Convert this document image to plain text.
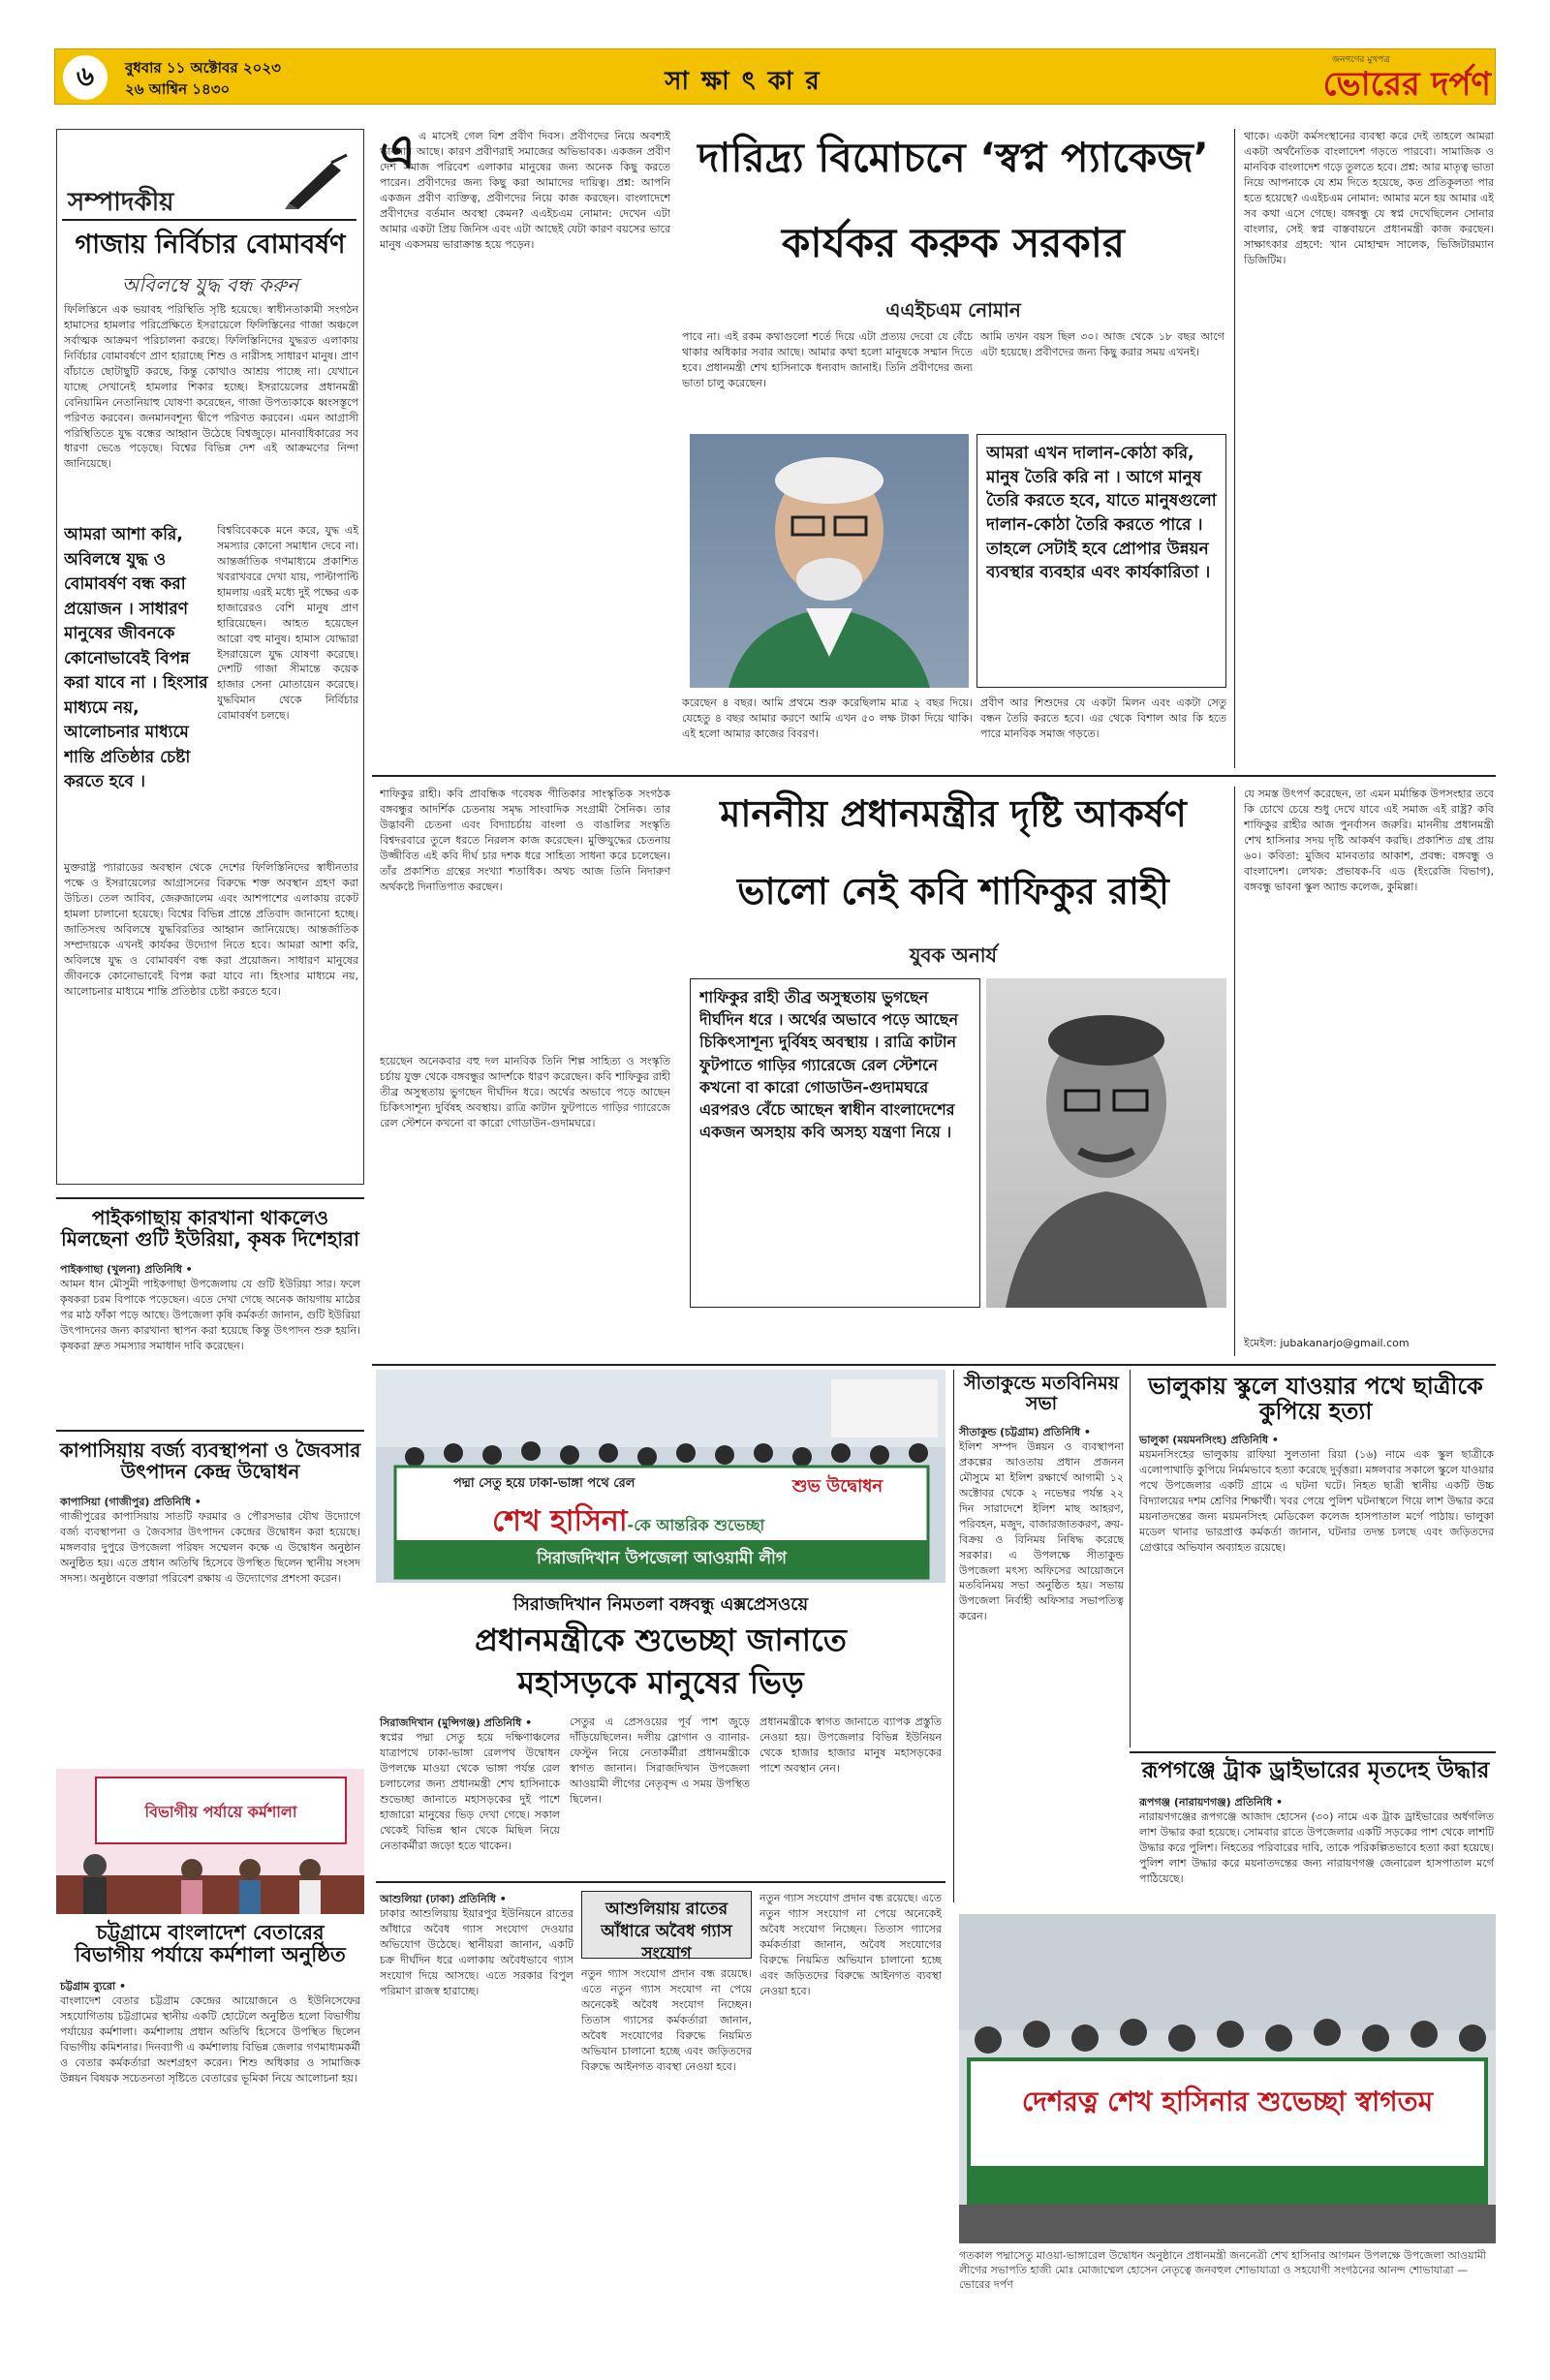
৬	বুধবার ১১ অক্টোবর ২০২৩
২৬ আশ্বিন ১৪৩০	সা ক্ষা ৎ কা র
জনগণের মুখপত্র
ভোরের দর্পণ
সম্পাদকীয়
গাজায় নির্বিচার বোমাবর্ষণ
অবিলম্বে যুদ্ধ বন্ধ করুন
ফিলিস্তিনে এক ভয়াবহ পরিস্থিতি সৃষ্টি হয়েছে। স্বাধীনতাকামী সংগঠন হামাসের হামলার পরিপ্রেক্ষিতে ইসরায়েলে ফিলিস্তিনের গাজা অঞ্চলে সর্বাত্মক আক্রমণ পরিচালনা করছে। ফিলিস্তিনিদের যুদ্ধরত এলাকায় নির্বিচার বোমাবর্ষণে প্রাণ হারাচ্ছে শিশু ও নারীসহ সাধারণ মানুষ। প্রাণ বাঁচাতে ছোটাছুটি করছে, কিন্তু কোথাও আশ্রয় পাচ্ছে না। যেখানে যাচ্ছে সেখানেই হামলার শিকার হচ্ছে। ইসরায়েলের প্রধানমন্ত্রী বেনিয়ামিন নেতানিয়াহু যোষণা করেছেন, গাজা উপত্যকাকে ধ্বংসস্তূপে পরিণত করবেন। জনমানবশূন্য দ্বীপে পরিণত করবেন। এমন আগ্রাসী পরিস্থিতিতে যুদ্ধ বন্ধের আহ্বান উঠেছে বিশ্বজুড়ে। মানবাধিকারের সব ধারণা ভেঙে পড়েছে। বিশ্বের বিভিন্ন দেশ এই আক্রমণের নিন্দা জানিয়েছে।
আমরা আশা করি, অবিলম্বে যুদ্ধ ও বোমাবর্ষণ বন্ধ করা প্রয়োজন । সাধারণ মানুষের জীবনকে কোনোভাবেই বিপন্ন করা যাবে না । হিংসার মাধ্যমে নয়, আলোচনার মাধ্যমে শান্তি প্রতিষ্ঠার চেষ্টা করতে হবে ।
বিশ্ববিবেককে মনে করে, যুদ্ধ এই সমস্যার কোনো সমাধান দেবে না। আন্তর্জাতিক গণমাধ্যমে প্রকাশিত খবরাখবরে দেখা যায়, পাল্টাপাল্টি হামলায় এরই মধ্যে দুই পক্ষের এক হাজারেরও বেশি মানুষ প্রাণ হারিয়েছেন। আহত হয়েছেন আরো বহু মানুষ। হামাস যোদ্ধারা ইসরায়েলে যুদ্ধ যোষণা করেছে। দেশটি গাজা সীমান্তে কয়েক হাজার সেনা মোতায়েন করেছে। যুদ্ধবিমান থেকে নির্বিচার বোমাবর্ষণ চলছে।
মুক্তরাষ্ট্র প্যারাডের অবস্থান থেকে দেশের ফিলিস্তিনিদের স্বাধীনতার পক্ষে ও ইসরায়েলের আগ্রাসনের বিরুদ্ধে শক্ত অবস্থান গ্রহণ করা উচিত। তেল আবিব, জেরুজালেম এবং আশপাশের এলাকায় রকেট হামলা চালানো হয়েছে। বিশ্বের বিভিন্ন প্রান্তে প্রতিবাদ জানানো হচ্ছে। জাতিসংঘ অবিলম্বে যুদ্ধবিরতির আহ্বান জানিয়েছে। আন্তর্জাতিক সম্প্রদায়কে এখনই কার্যকর উদ্যোগ নিতে হবে। আমরা আশা করি, অবিলম্বে যুদ্ধ ও বোমাবর্ষণ বন্ধ করা প্রয়োজন। সাধারণ মানুষের জীবনকে কোনোভাবেই বিপন্ন করা যাবে না। হিংসার মাধ্যমে নয়, আলোচনার মাধ্যমে শান্তি প্রতিষ্ঠার চেষ্টা করতে হবে।
এ এ মাসেই গেল বিশ প্রবীণ দিবস। প্রবীণদের নিয়ে অবশ্যই ভাবনার আছে। কারণ প্রবীণরাই সমাজের অভিভাবক। একজন প্রবীণ দেশ সমাজ পরিবেশ এলাকার মানুষের জন্য অনেক কিছু করতে পারেন। প্রবীণদের জন্য কিছু করা আমাদের দায়িত্ব। প্রশ্ন: আপনি একজন প্রবীণ ব্যক্তিত্ব, প্রবীণদের নিয়ে কাজ করছেন। বাংলাদেশে প্রবীণদের বর্তমান অবস্থা কেমন? এএইচএম নোমান: দেখেন এটা আমার একটা প্রিয় জিনিস এবং এটা আছেই যেটা কারণ বয়সের ভারে মানুষ একসময় ভারাক্রান্ত হয়ে পড়েন।
দারিদ্র্য বিমোচনে ‘স্বপ্ন প্যাকেজ’
কার্যকর করুক সরকার
এএইচএম নোমান
পাবে না। এই রকম কথাগুলো শর্তে দিয়ে এটা প্রত্যয় দেবো যে বেঁচে থাকার অধিকার সবার আছে। আমার কথা হলো মানুষকে সম্মান দিতে হবে। প্রধানমন্ত্রী শেখ হাসিনাকে ধন্যবাদ জানাই। তিনি প্রবীণদের জন্য ভাতা চালু করেছেন।
আমি তখন বয়স ছিল ৩০। আজ থেকে ১৮ বছর আগে এটা হয়েছে। প্রবীণদের জন্য কিছু করার সময় এখনই।
থাকে। একটা কর্মসংস্থানের ব্যবস্থা করে দেই তাহলে আমরা একটা অর্থনৈতিক বাংলাদেশ গড়তে পারবো। সামাজিক ও মানবিক বাংলাদেশ গড়ে তুলতে হবে। প্রশ্ন: আর মাতৃত্ব ভাতা নিয়ে আপনাকে যে শ্রম দিতে হয়েছে, কত প্রতিকূলতা পার হতে হয়েছে? এএইচএম নোমান: আমার মনে হয় আমার এই সব কথা এসে গেছে। বঙ্গবন্ধু যে স্বপ্ন দেখেছিলেন সোনার বাংলার, সেই স্বপ্ন বাস্তবায়নে প্রধানমন্ত্রী কাজ করছেন। সাক্ষাৎকার গ্রহণে: খান মোহাম্মদ সালেক, ভিজিটারম্যান ডিজিটিম।
আমরা এখন দালান-কোঠা করি, মানুষ তৈরি করি না । আগে মানুষ তৈরি করতে হবে, যাতে মানুষগুলো দালান-কোঠা তৈরি করতে পারে । তাহলে সেটাই হবে প্রোপার উন্নয়ন ব্যবস্থার ব্যবহার এবং কার্যকারিতা ।
করেছেন ৪ বছর। আমি প্রথমে শুরু করেছিলাম মাত্র ২ বছর দিয়ে। যেহেতু ৪ বছর আমার করণে আমি এখন ৫০ লক্ষ টাকা দিয়ে থাকি। এই হলো আমার কাজের বিবরণ।
প্রবীণ আর শিশুদের যে একটা মিলন এবং একটা সেতু বন্ধন তৈরি করতে হবে। এর থেকে বিশাল আর কি হতে পারে মানবিক সমাজ গড়তে।
শাফিকুর রাহী। কবি প্রাবন্ধিক গবেষক গীতিকার সাংস্কৃতিক সংগঠক বঙ্গবন্ধুর আদর্শিক চেতনায় সমৃদ্ধ সাংবাদিক সংগ্রামী সৈনিক। তার উদ্ভাবনী চেতনা এবং বিদ্যাচর্চায় বাংলা ও বাঙালির সংস্কৃতি বিশ্বদরবারে তুলে ধরতে নিরলস কাজ করেছেন। মুক্তিযুদ্ধের চেতনায় উজ্জীবিত এই কবি দীর্ঘ চার দশক ধরে সাহিত্য সাধনা করে চলেছেন। তাঁর প্রকাশিত গ্রন্থের সংখ্যা শতাধিক। অথচ আজ তিনি নিদারুণ অর্থকষ্টে দিনাতিপাত করছেন।
মাননীয় প্রধানমন্ত্রীর দৃষ্টি আকর্ষণ
ভালো নেই কবি শাফিকুর রাহী
যুবক অনার্য
হয়েছেন অনেকবার বহু দল মানবিক তিনি শিল্প সাহিত্য ও সংস্কৃতি চর্চায় যুক্ত থেকে বঙ্গবন্ধুর আদর্শকে ধারণ করেছেন। কবি শাফিকুর রাহী তীব্র অসুস্থতায় ভুগছেন দীর্ঘদিন ধরে। অর্থের অভাবে পড়ে আছেন চিকিৎসাশূন্য দুর্বিষহ অবস্থায়। রাত্রি কাটান ফুটপাতে গাড়ির গ্যারেজে রেল স্টেশনে কখনো বা কারো গোডাউন-গুদামঘরে।
যে সমস্ত উৎপর্ণ করেছেন, তা এমন মর্মান্তিক উপসংহার তবে কি চোখে চেয়ে শুধু দেখে যাবে এই সমাজ এই রাষ্ট্র? কবি শাফিকুর রাহীর আজ পুনর্বাসন জরুরি। মাননীয় প্রধানমন্ত্রী শেখ হাসিনার সদয় দৃষ্টি আকর্ষণ করছি। প্রকাশিত গ্রন্থ প্রায় ৬০। কবিতা: মুজিব মানবতার আকাশ, প্রবন্ধ: বঙ্গবন্ধু ও বাংলাদেশ। লেখক: প্রভাষক-বি এড (ইংরেজি বিভাগ), বঙ্গবন্ধু ভাবনা স্কুল অ্যান্ড কলেজ, কুমিল্লা।
ইমেইল: jubakanarjo@gmail.com
শাফিকুর রাহী তীব্র অসুস্থতায় ভুগছেন দীর্ঘদিন ধরে । অর্থের অভাবে পড়ে আছেন চিকিৎসাশূন্য দুর্বিষহ অবস্থায় । রাত্রি কাটান ফুটপাতে গাড়ির গ্যারেজে রেল স্টেশনে কখনো বা কারো গোডাউন-গুদামঘরে এরপরও বেঁচে আছেন স্বাধীন বাংলাদেশের একজন অসহায় কবি অসহ্য যন্ত্রণা নিয়ে ।
পাইকগাছায় কারখানা থাকলেও মিলছেনা গুটি ইউরিয়া, কৃষক দিশেহারা
পাইকগাছা (খুলনা) প্রতিনিধি •
আমন ধান মৌসুমী পাইকগাছা উপজেলায় যে গুটি ইউরিয়া সার। ফলে কৃষকরা চরম বিপাকে পড়েছেন। এতে দেখা গেছে অনেক জায়গায় মাঠের পর মাঠ ফাঁকা পড়ে আছে। উপজেলা কৃষি কর্মকর্তা জানান, গুটি ইউরিয়া উৎপাদনের জন্য কারখানা স্থাপন করা হয়েছে কিন্তু উৎপাদন শুরু হয়নি। কৃষকরা দ্রুত সমস্যার সমাধান দাবি করেছেন।
কাপাসিয়ায় বর্জ্য ব্যবস্থাপনা ও জৈবসার উৎপাদন কেন্দ্র উদ্বোধন
কাপাসিয়া (গাজীপুর) প্রতিনিধি •
গাজীপুরের কাপাসিয়ায় সাতটি ফরমার ও পৌরসভার যৌথ উদ্যোগে বর্জ্য ব্যবস্থাপনা ও জৈবসার উৎপাদন কেন্দ্রের উদ্বোধন করা হয়েছে। মঙ্গলবার দুপুরে উপজেলা পরিষদ সম্মেলন কক্ষে এ উদ্বোধন অনুষ্ঠান অনুষ্ঠিত হয়। এতে প্রধান অতিথি হিসেবে উপস্থিত ছিলেন স্থানীয় সংসদ সদস্য। অনুষ্ঠানে বক্তারা পরিবেশ রক্ষায় এ উদ্যোগের প্রশংসা করেন।
বিভাগীয় পর্যায়ে কর্মশালা
চট্টগ্রামে বাংলাদেশ বেতারের বিভাগীয় পর্যায়ে কর্মশালা অনুষ্ঠিত
চট্টগ্রাম ব্যুরো •
বাংলাদেশ বেতার চট্টগ্রাম কেন্দ্রের আয়োজনে ও ইউনিসেফের সহযোগিতায় চট্টগ্রামের স্থানীয় একটি হোটেলে অনুষ্ঠিত হলো বিভাগীয় পর্যায়ের কর্মশালা। কর্মশালায় প্রধান অতিথি হিসেবে উপস্থিত ছিলেন বিভাগীয় কমিশনার। দিনব্যাপী এ কর্মশালায় বিভিন্ন জেলার গণমাধ্যমকর্মী ও বেতার কর্মকর্তারা অংশগ্রহণ করেন। শিশু অধিকার ও সামাজিক উন্নয়ন বিষয়ক সচেতনতা সৃষ্টিতে বেতারের ভূমিকা নিয়ে আলোচনা হয়।
শুভ উদ্বোধন
পদ্মা সেতু হয়ে ঢাকা-ভাঙ্গা পথে রেল
শেখ হাসিনা-কে আন্তরিক শুভেচ্ছা
সিরাজদিখান উপজেলা আওয়ামী লীগ
সিরাজদিখান নিমতলা বঙ্গবন্ধু এক্সপ্রেসওয়ে
প্রধানমন্ত্রীকে শুভেচ্ছা জানাতে
মহাসড়কে মানুষের ভিড়
সিরাজদিখান (মুন্সিগঞ্জ) প্রতিনিধি •
স্বপ্নের পদ্মা সেতু হয়ে দক্ষিণাঞ্চলের যাত্রাপথে ঢাকা-ভাঙ্গা রেলপথ উদ্বোধন উপলক্ষে মাওয়া থেকে ভাঙ্গা পর্যন্ত রেল চলাচলের জন্য প্রধানমন্ত্রী শেখ হাসিনাকে শুভেচ্ছা জানাতে মহাসড়কের দুই পাশে হাজারো মানুষের ভিড় দেখা গেছে। সকাল থেকেই বিভিন্ন স্থান থেকে মিছিল নিয়ে নেতাকর্মীরা জড়ো হতে থাকেন।
সেতুর এ প্রেসওয়ের পূর্ব পাশ জুড়ে দাঁড়িয়েছিলেন। দলীয় স্লোগান ও ব্যানার-ফেস্টুন নিয়ে নেতাকর্মীরা প্রধানমন্ত্রীকে স্বাগত জানান। সিরাজদিখান উপজেলা আওয়ামী লীগের নেতৃবৃন্দ এ সময় উপস্থিত ছিলেন।
প্রধানমন্ত্রীকে স্বাগত জানাতে ব্যাপক প্রস্তুতি নেওয়া হয়। উপজেলার বিভিন্ন ইউনিয়ন থেকে হাজার হাজার মানুষ মহাসড়কের পাশে অবস্থান নেন।
আশুলিয়ায় রাতের আঁধারে অবৈধ গ্যাস সংযোগ
আশুলিয়া (ঢাকা) প্রতিনিধি •
ঢাকার আশুলিয়ায় ইয়ারপুর ইউনিয়নে রাতের আঁধারে অবৈধ গ্যাস সংযোগ দেওয়ার অভিযোগ উঠেছে। স্থানীয়রা জানান, একটি চক্র দীর্ঘদিন ধরে এলাকায় অবৈধভাবে গ্যাস সংযোগ দিয়ে আসছে। এতে সরকার বিপুল পরিমাণ রাজস্ব হারাচ্ছে।
নতুন গ্যাস সংযোগ প্রদান বন্ধ রয়েছে। এতে নতুন গ্যাস সংযোগ না পেয়ে অনেকেই অবৈধ সংযোগ নিচ্ছেন। তিতাস গ্যাসের কর্মকর্তারা জানান, অবৈধ সংযোগের বিরুদ্ধে নিয়মিত অভিযান চালানো হচ্ছে এবং জড়িতদের বিরুদ্ধে আইনগত ব্যবস্থা নেওয়া হবে।
নতুন গ্যাস সংযোগ প্রদান বন্ধ রয়েছে। এতে নতুন গ্যাস সংযোগ না পেয়ে অনেকেই অবৈধ সংযোগ নিচ্ছেন। তিতাস গ্যাসের কর্মকর্তারা জানান, অবৈধ সংযোগের বিরুদ্ধে নিয়মিত অভিযান চালানো হচ্ছে এবং জড়িতদের বিরুদ্ধে আইনগত ব্যবস্থা নেওয়া হবে।
সীতাকুন্ডে মতবিনিময় সভা
সীতাকুন্ড (চট্টগ্রাম) প্রতিনিধি •
ইলিশ সম্পদ উন্নয়ন ও ব্যবস্থাপনা প্রকল্পের আওতায় প্রধান প্রজনন মৌসুমে মা ইলিশ রক্ষার্থে আগামী ১২ অক্টোবর থেকে ২ নভেম্বর পর্যন্ত ২২ দিন সারাদেশে ইলিশ মাছ আহরণ, পরিবহন, মজুদ, বাজারজাতকরণ, ক্রয়-বিক্রয় ও বিনিময় নিষিদ্ধ করেছে সরকার। এ উপলক্ষে সীতাকুন্ড উপজেলা মৎস্য অফিসের আয়োজনে মতবিনিময় সভা অনুষ্ঠিত হয়। সভায় উপজেলা নির্বাহী অফিসার সভাপতিত্ব করেন।
ভালুকায় স্কুলে যাওয়ার পথে ছাত্রীকে কুপিয়ে হত্যা
ভালুকা (ময়মনসিংহ) প্রতিনিধি •
ময়মনসিংহের ভালুকায় রাফিয়া সুলতানা রিয়া (১৬) নামে এক স্কুল ছাত্রীকে এলোপাথাড়ি কুপিয়ে নির্মমভাবে হত্যা করেছে দুর্বৃত্তরা। মঙ্গলবার সকালে স্কুলে যাওয়ার পথে উপজেলার একটি গ্রামে এ ঘটনা ঘটে। নিহত ছাত্রী স্থানীয় একটি উচ্চ বিদ্যালয়ের দশম শ্রেণির শিক্ষার্থী। খবর পেয়ে পুলিশ ঘটনাস্থলে গিয়ে লাশ উদ্ধার করে ময়নাতদন্তের জন্য ময়মনসিংহ মেডিকেল কলেজ হাসপাতাল মর্গে পাঠায়। ভালুকা মডেল থানার ভারপ্রাপ্ত কর্মকর্তা জানান, ঘটনার তদন্ত চলছে এবং জড়িতদের গ্রেপ্তারে অভিযান অব্যাহত রয়েছে।
রূপগঞ্জে ট্রাক ড্রাইভারের মৃতদেহ উদ্ধার
রূপগঞ্জ (নারায়ণগঞ্জ) প্রতিনিধি •
নারায়ণগঞ্জের রূপগঞ্জে আজাদ হোসেন (৩০) নামে এক ট্রাক ড্রাইভারের অর্ধগলিত লাশ উদ্ধার করা হয়েছে। সোমবার রাতে উপজেলার একটি সড়কের পাশ থেকে লাশটি উদ্ধার করে পুলিশ। নিহতের পরিবারের দাবি, তাকে পরিকল্পিতভাবে হত্যা করা হয়েছে। পুলিশ লাশ উদ্ধার করে ময়নাতদন্তের জন্য নারায়ণগঞ্জ জেনারেল হাসপাতাল মর্গে পাঠিয়েছে।
দেশরত্ন শেখ হাসিনার শুভেচ্ছা স্বাগতম
গতকাল পদ্মাসেতু মাওয়া-ভাঙ্গারেল উদ্বোধন অনুষ্ঠানে প্রধানমন্ত্রী জননেত্রী শেখ হাসিনার আগমন উপলক্ষে উপজেলা আওয়ামী লীগের সভাপতি হাজী মোঃ মোজাম্মেল হোসেন নেতৃত্বে জনবহুল শোভাযাত্রা ও সহযোগী সংগঠনের আনন্দ শোভাযাত্রা — ভোরের দর্পণ
